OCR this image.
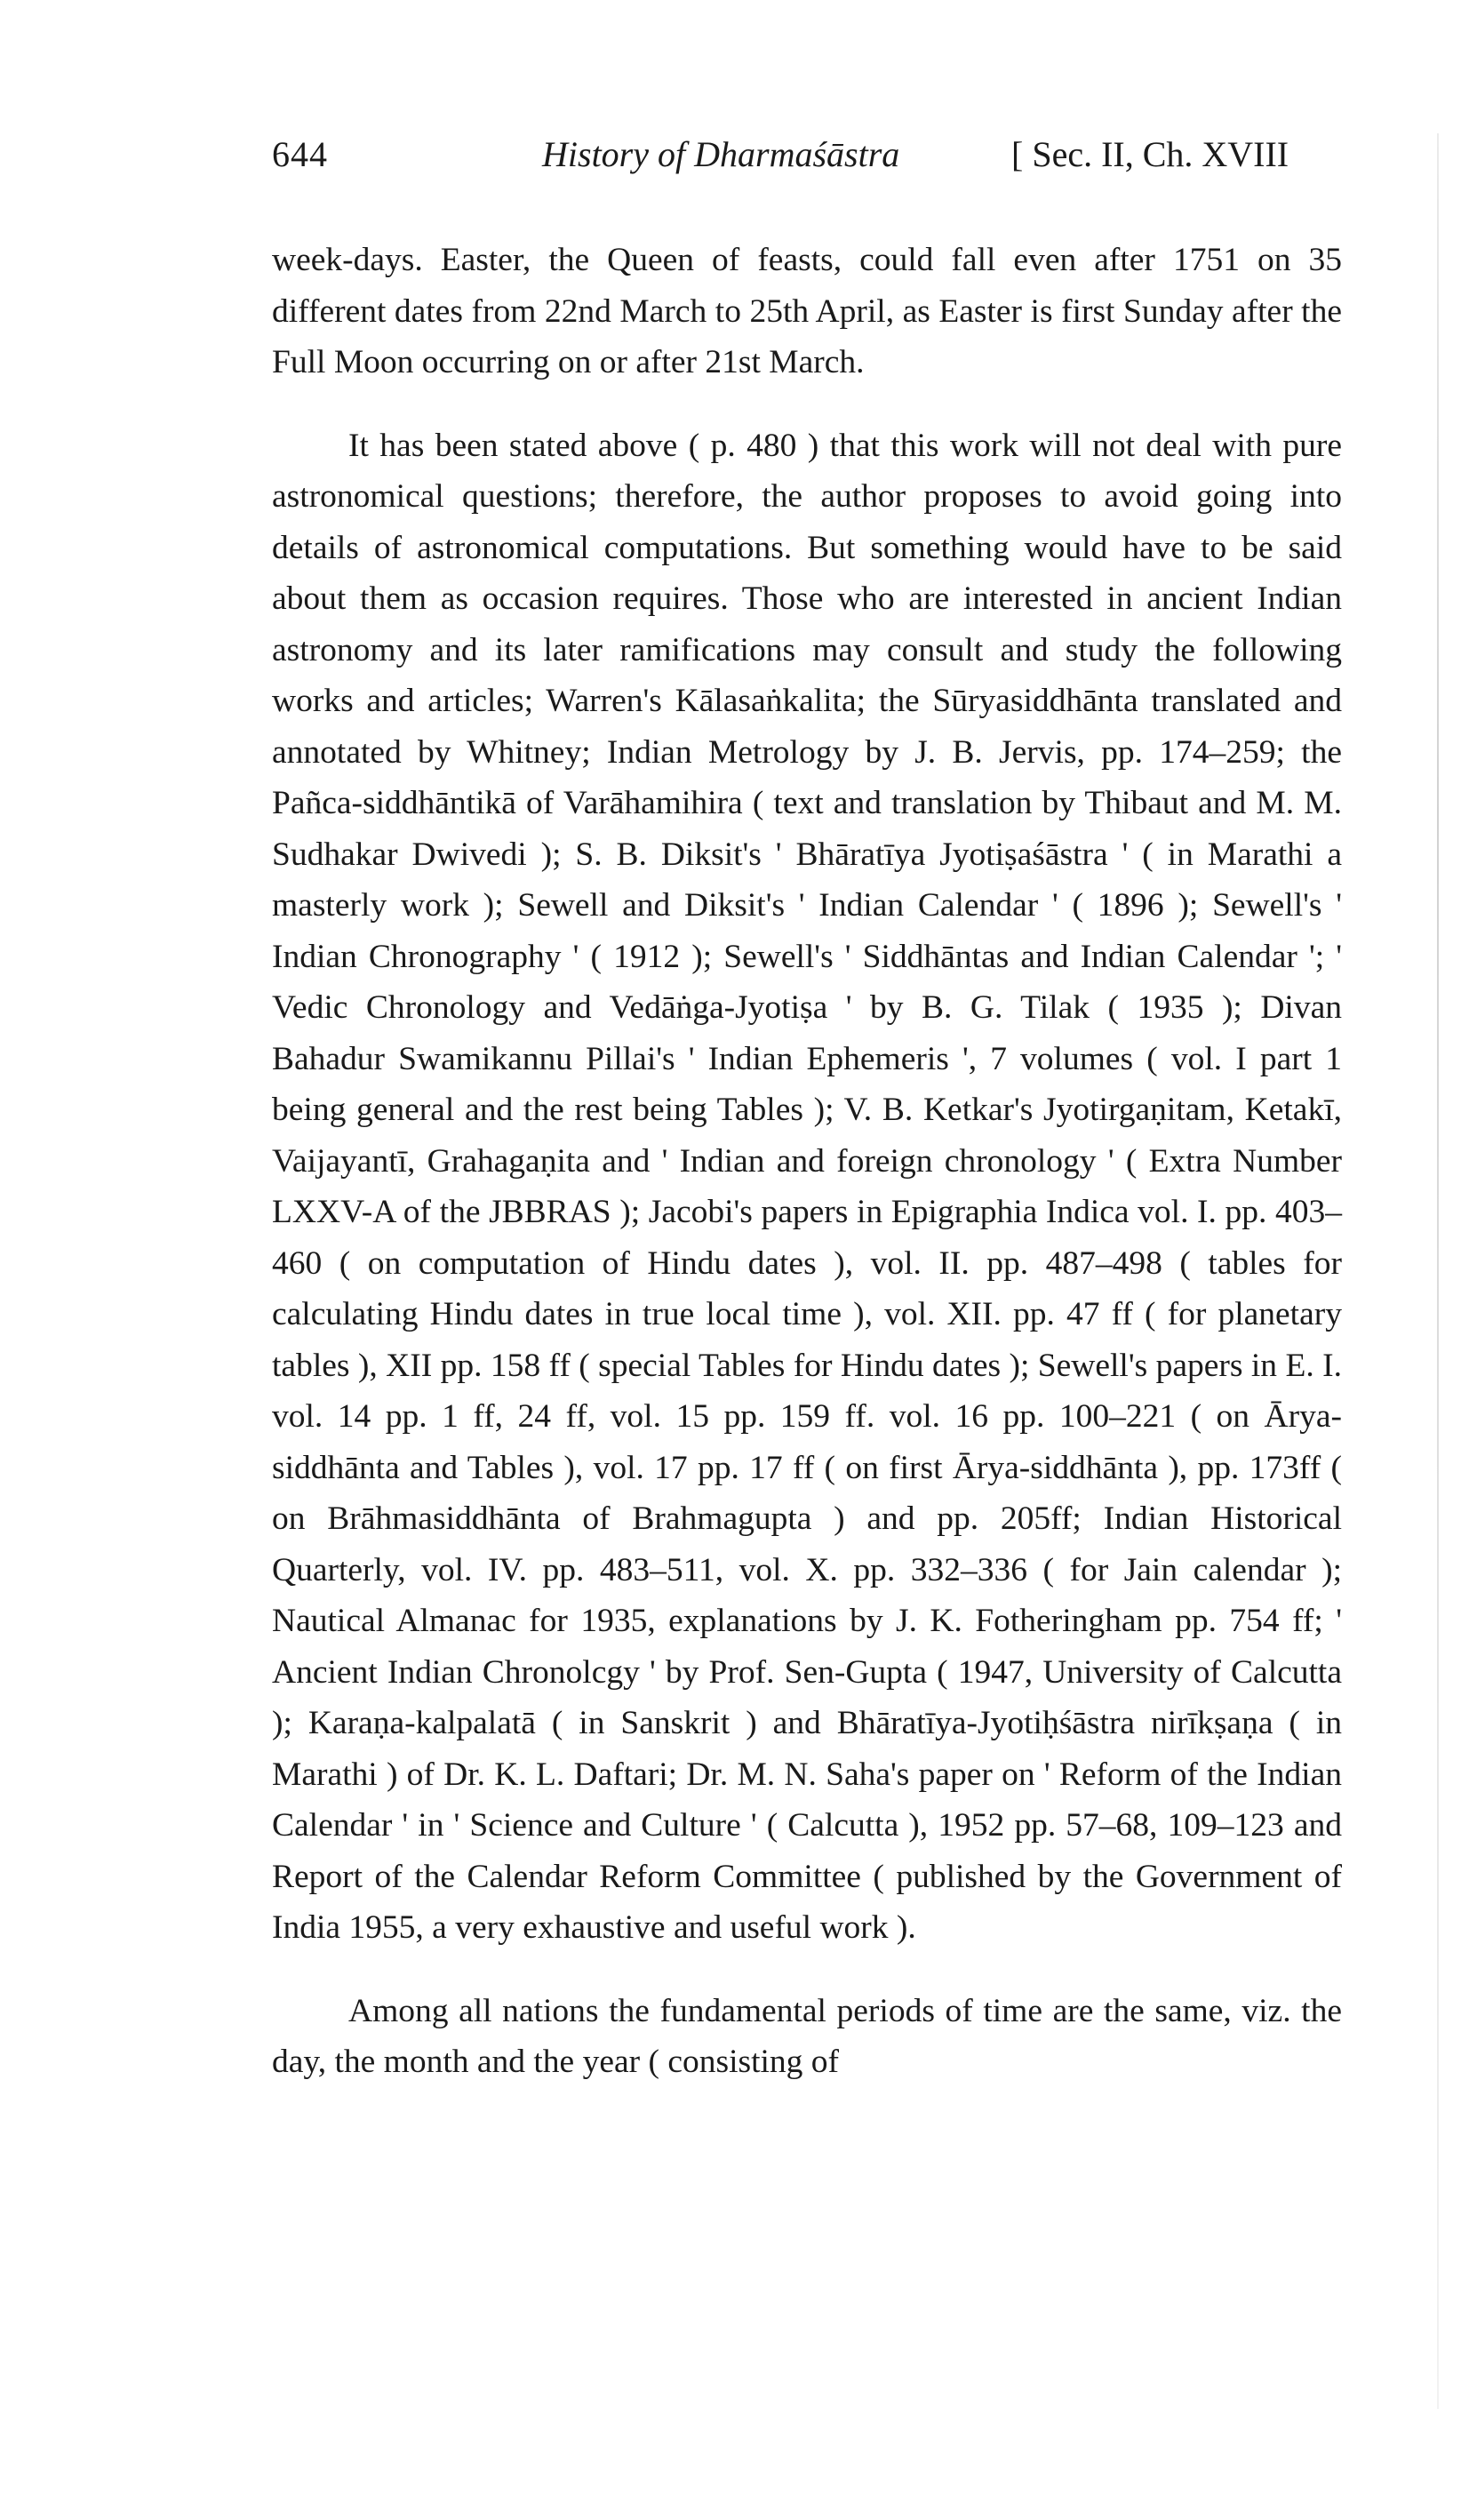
644	History of Dharmaśāstra	[ Sec. II, Ch. XVIII

week-days. Easter, the Queen of feasts, could fall even after 1751 on 35 different dates from 22nd March to 25th April, as Easter is first Sunday after the Full Moon occurring on or after 21st March.

It has been stated above ( p. 480 ) that this work will not deal with pure astronomical questions; therefore, the author proposes to avoid going into details of astronomical computations. But something would have to be said about them as occasion requires. Those who are interested in ancient Indian astronomy and its later ramifications may consult and study the following works and articles; Warren's Kālasaṅkalita; the Sūryasiddhānta translated and annotated by Whitney; Indian Metrology by J. B. Jervis, pp. 174–259; the Pañca-siddhāntikā of Varāhamihira ( text and translation by Thibaut and M. M. Sudhakar Dwivedi ); S. B. Diksit's ' Bhāratīya Jyotiṣaśāstra ' ( in Marathi a masterly work ); Sewell and Diksit's ' Indian Calendar ' ( 1896 ); Sewell's ' Indian Chronography ' ( 1912 ); Sewell's ' Siddhāntas and Indian Calendar '; ' Vedic Chronology and Vedāṅga-Jyotiṣa ' by B. G. Tilak ( 1935 ); Divan Bahadur Swamikannu Pillai's ' Indian Ephemeris ', 7 volumes ( vol. I part 1 being general and the rest being Tables ); V. B. Ketkar's Jyotirgaṇitam, Ketakī, Vaijayantī, Grahagaṇita and ' Indian and foreign chronology ' ( Extra Number LXXV-A of the JBBRAS ); Jacobi's papers in Epigraphia Indica vol. I. pp. 403–460 ( on computation of Hindu dates ), vol. II. pp. 487–498 ( tables for calculating Hindu dates in true local time ), vol. XII. pp. 47 ff ( for planetary tables ), XII pp. 158 ff ( special Tables for Hindu dates ); Sewell's papers in E. I. vol. 14 pp. 1 ff, 24 ff, vol. 15 pp. 159 ff. vol. 16 pp. 100–221 ( on Ārya-siddhānta and Tables ), vol. 17 pp. 17 ff ( on first Ārya-siddhānta ), pp. 173ff ( on Brāhmasiddhānta of Brahmagupta ) and pp. 205ff; Indian Historical Quarterly, vol. IV. pp. 483–511, vol. X. pp. 332–336 ( for Jain calendar ); Nautical Almanac for 1935, explanations by J. K. Fotheringham pp. 754 ff; ' Ancient Indian Chronolcgy ' by Prof. Sen-Gupta ( 1947, University of Calcutta ); Karaṇa-kalpalatā ( in Sanskrit ) and Bhāratīya-Jyotiḥśāstra nirīkṣaṇa ( in Marathi ) of Dr. K. L. Daftari; Dr. M. N. Saha's paper on ' Reform of the Indian Calendar ' in ' Science and Culture ' ( Calcutta ), 1952 pp. 57–68, 109–123 and Report of the Calendar Reform Committee ( published by the Government of India 1955, a very exhaustive and useful work ).

Among all nations the fundamental periods of time are the same, viz. the day, the month and the year ( consisting of
